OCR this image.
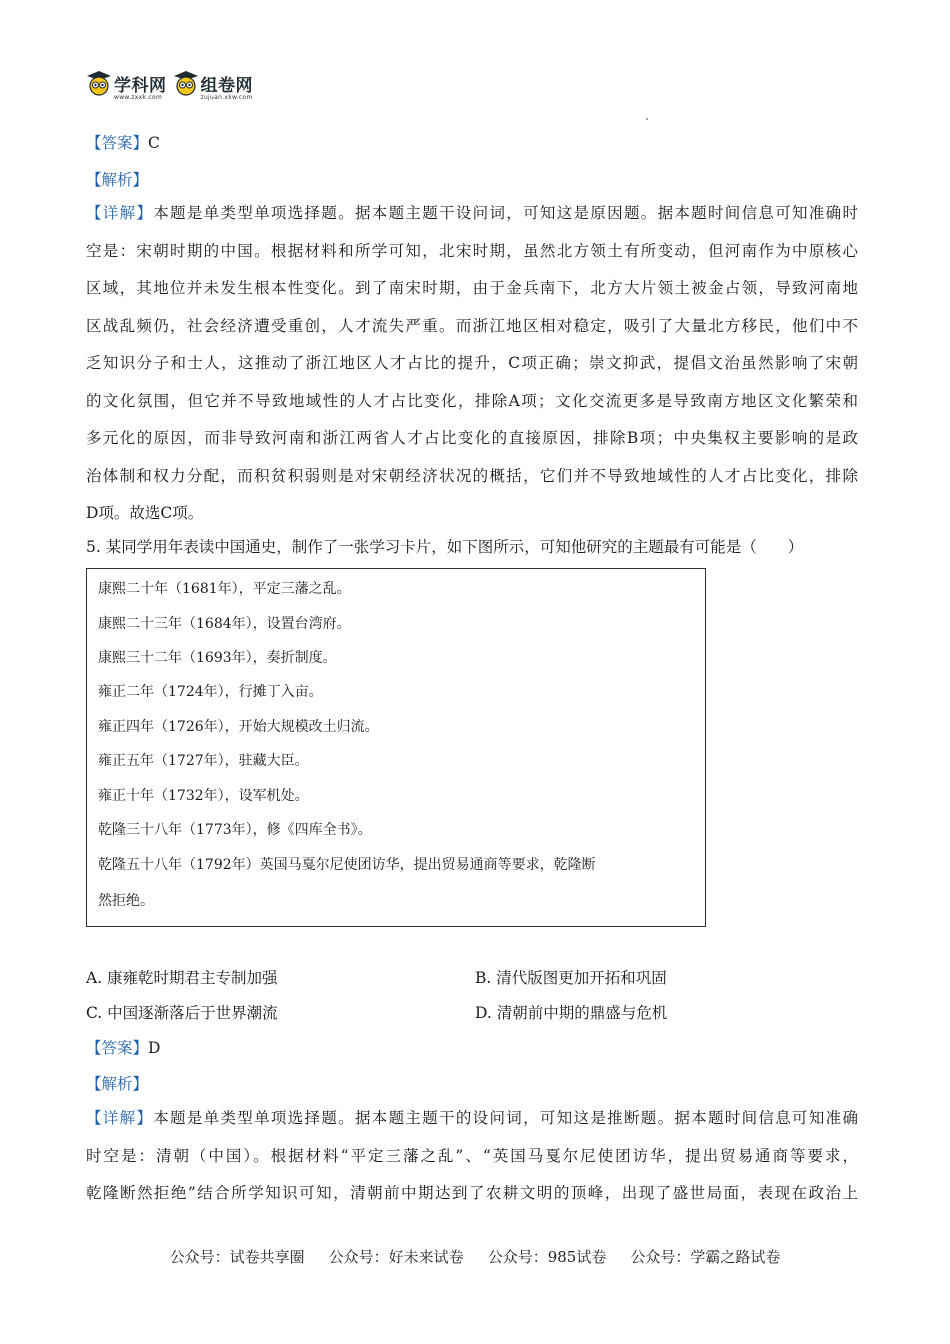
学科网
www.zxxk.com
组卷网
zujuan.xkw.com
【答案】C
【解析】
【详解】本题是单类型单项选择题。据本题主题干设问词，可知这是原因题。据本题时间信息可知准确时
空是：宋朝时期的中国。根据材料和所学可知，北宋时期，虽然北方领土有所变动，但河南作为中原核心
区域，其地位并未发生根本性变化。到了南宋时期，由于金兵南下，北方大片领土被金占领，导致河南地
区战乱频仍，社会经济遭受重创，人才流失严重。而浙江地区相对稳定，吸引了大量北方移民，他们中不
乏知识分子和士人，这推动了浙江地区人才占比的提升，C项正确；崇文抑武，提倡文治虽然影响了宋朝
的文化氛围，但它并不导致地域性的人才占比变化，排除A项；文化交流更多是导致南方地区文化繁荣和
多元化的原因，而非导致河南和浙江两省人才占比变化的直接原因，排除B项；中央集权主要影响的是政
治体制和权力分配，而积贫积弱则是对宋朝经济状况的概括，它们并不导致地域性的人才占比变化，排除
D项。故选C项。
5. 某同学用年表读中国通史，制作了一张学习卡片，如下图所示，可知他研究的主题最有可能是（　　）
康熙二十年（1681年），平定三藩之乱。
康熙二十三年（1684年），设置台湾府。
康熙三十二年（1693年），奏折制度。
雍正二年（1724年），行摊丁入亩。
雍正四年（1726年），开始大规模改土归流。
雍正五年（1727年），驻藏大臣。
雍正十年（1732年），设军机处。
乾隆三十八年（1773年），修《四库全书》。
乾隆五十八年（1792年）英国马戛尔尼使团访华，提出贸易通商等要求，乾隆断
然拒绝。
A. 康雍乾时期君主专制加强	B. 清代版图更加开拓和巩固
C. 中国逐渐落后于世界潮流	D. 清朝前中期的鼎盛与危机
【答案】D
【解析】
【详解】本题是单类型单项选择题。据本题主题干的设问词，可知这是推断题。据本题时间信息可知准确
时空是：清朝（中国）。根据材料“平定三藩之乱”、“英国马戛尔尼使团访华，提出贸易通商等要求，
乾隆断然拒绝”结合所学知识可知，清朝前中期达到了农耕文明的顶峰，出现了盛世局面，表现在政治上
公众号：试卷共享圈 公众号：好未来试卷 公众号：985试卷 公众号：学霸之路试卷
